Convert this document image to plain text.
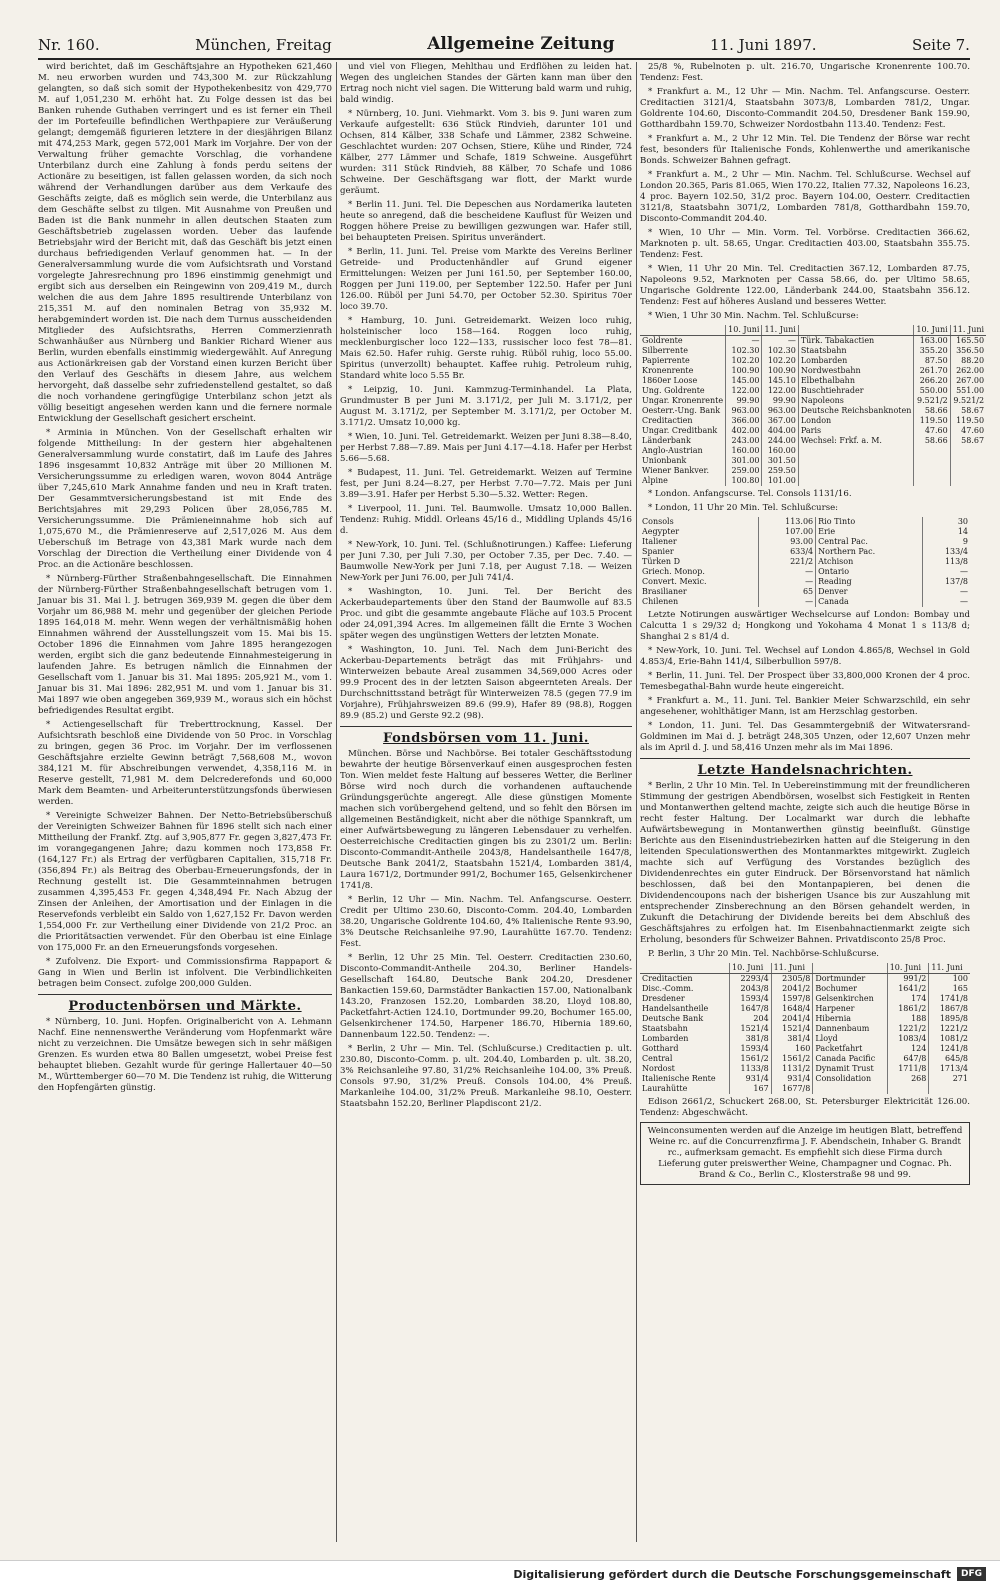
Nr. 160.	München, Freitag	Allgemeine Zeitung	11. Juni 1897.	Seite 7.

wird berichtet, daß im Geschäftsjahre an Hypotheken 621,460 M. neu erworben wurden und 743,300 M. zur Rückzahlung gelangten, so daß sich somit der Hypothekenbesitz von 429,770 M. auf 1,051,230 M. erhöht hat. Zu Folge dessen ist das bei Banken ruhende Guthaben verringert und es ist ferner ein Theil der im Portefeuille befindlichen Werthpapiere zur Veräußerung gelangt; demgemäß figurieren letztere in der diesjährigen Bilanz mit 474,253 Mark, gegen 572,001 Mark im Vorjahre. Der von der Verwaltung früher gemachte Vorschlag, die vorhandene Unterbilanz durch eine Zahlung à fonds perdu seitens der Actionäre zu beseitigen, ist fallen gelassen worden, da sich noch während der Verhandlungen darüber aus dem Verkaufe des Geschäfts zeigte, daß es möglich sein werde, die Unterbilanz aus dem Geschäfte selbst zu tilgen. Mit Ausnahme von Preußen und Baden ist die Bank nunmehr in allen deutschen Staaten zum Geschäftsbetrieb zugelassen worden. Ueber das laufende Betriebsjahr wird der Bericht mit, daß das Geschäft bis jetzt einen durchaus befriedigenden Verlauf genommen hat. — In der Generalversammlung wurde die vom Aufsichtsrath und Vorstand vorgelegte Jahresrechnung pro 1896 einstimmig genehmigt und ergibt sich aus derselben ein Reingewinn von 209,419 M., durch welchen die aus dem Jahre 1895 resultirende Unterbilanz von 215,351 M. auf den nominalen Betrag von 35,932 M. herabgemindert worden ist. Die nach dem Turnus ausscheidenden Mitglieder des Aufsichtsraths, Herren Commerzienrath Schwanhäußer aus Nürnberg und Bankier Richard Wiener aus Berlin, wurden ebenfalls einstimmig wiedergewählt. Auf Anregung aus Actionärkreisen gab der Vorstand einen kurzen Bericht über den Verlauf des Geschäfts in diesem Jahre, aus welchem hervorgeht, daß dasselbe sehr zufriedenstellend gestaltet, so daß die noch vorhandene geringfügige Unterbilanz schon jetzt als völlig beseitigt angesehen werden kann und die fernere normale Entwicklung der Gesellschaft gesichert erscheint.

* Arminia in München. Von der Gesellschaft erhalten wir folgende Mittheilung: In der gestern hier abgehaltenen Generalversammlung wurde constatirt, daß im Laufe des Jahres 1896 insgesammt 10,832 Anträge mit über 20 Millionen M. Versicherungssumme zu erledigen waren, wovon 8044 Anträge über 7,245,610 Mark Annahme fanden und neu in Kraft traten. Der Gesammtversicherungsbestand ist mit Ende des Berichtsjahres mit 29,293 Policen über 28,056,785 M. Versicherungssumme. Die Prämieneinnahme hob sich auf 1,075,670 M., die Prämienreserve auf 2,517,026 M. Aus dem Ueberschuß im Betrage von 43,381 Mark wurde nach dem Vorschlag der Direction die Vertheilung einer Dividende von 4 Proc. an die Actionäre beschlossen.

* Nürnberg-Fürther Straßenbahngesellschaft. Die Einnahmen der Nürnberg-Fürther Straßenbahngesellschaft betrugen vom 1. Januar bis 31. Mai l. J. betrugen 369,939 M. gegen die über dem Vorjahr um 86,988 M. mehr und gegenüber der gleichen Periode 1895 164,018 M. mehr. Wenn wegen der verhältnismäßig hohen Einnahmen während der Ausstellungszeit vom 15. Mai bis 15. October 1896 die Einnahmen vom Jahre 1895 herangezogen werden, ergibt sich die ganz bedeutende Einnahmesteigerung in laufenden Jahre. Es betrugen nämlich die Einnahmen der Gesellschaft vom 1. Januar bis 31. Mai 1895: 205,921 M., vom 1. Januar bis 31. Mai 1896: 282,951 M. und vom 1. Januar bis 31. Mai 1897 wie oben angegeben 369,939 M., woraus sich ein höchst befriedigendes Resultat ergibt.

* Actiengesellschaft für Treberttrocknung, Kassel. Der Aufsichtsrath beschloß eine Dividende von 50 Proc. in Vorschlag zu bringen, gegen 36 Proc. im Vorjahr. Der im verflossenen Geschäftsjahre erzielte Gewinn beträgt 7,568,608 M., wovon 384,121 M. für Abschreibungen verwendet, 4,358,116 M. in Reserve gestellt, 71,981 M. dem Delcrederefonds und 60,000 Mark dem Beamten- und Arbeiterunterstützungsfonds überwiesen werden.

* Vereinigte Schweizer Bahnen. Der Netto-Betriebsüberschuß der Vereinigten Schweizer Bahnen für 1896 stellt sich nach einer Mittheilung der Frankf. Ztg. auf 3,905,877 Fr. gegen 3,827,473 Fr. im vorangegangenen Jahre; dazu kommen noch 173,858 Fr. (164,127 Fr.) als Ertrag der verfügbaren Capitalien, 315,718 Fr. (356,894 Fr.) als Beitrag des Oberbau-Erneuerungsfonds, der in Rechnung gestellt ist. Die Gesammteinnahmen betrugen zusammen 4,395,453 Fr. gegen 4,348,494 Fr. Nach Abzug der Zinsen der Anleihen, der Amortisation und der Einlagen in die Reservefonds verbleibt ein Saldo von 1,627,152 Fr. Davon werden 1,554,000 Fr. zur Vertheilung einer Dividende von 21/2 Proc. an die Prioritätsactien verwendet. Für den Oberbau ist eine Einlage von 175,000 Fr. an den Erneuerungsfonds vorgesehen.

* Zufolvenz. Die Export- und Commissionsfirma Rappaport & Gang in Wien und Berlin ist infolvent. Die Verbindlichkeiten betragen beim Consect. zufolge 200,000 Gulden.

Productenbörsen und Märkte.

* Nürnberg, 10. Juni. Hopfen. Originalbericht von A. Lehmann Nachf. Eine nennenswerthe Veränderung vom Hopfenmarkt wäre nicht zu verzeichnen. Die Umsätze bewegen sich in sehr mäßigen Grenzen. Es wurden etwa 80 Ballen umgesetzt, wobei Preise fest behauptet blieben. Gezahlt wurde für geringe Hallertauer 40—50 M., Württemberger 60—70 M. Die Tendenz ist ruhig, die Witterung den Hopfengärten günstig.

und viel von Fliegen, Mehlthau und Erdflöhen zu leiden hat. Wegen des ungleichen Standes der Gärten kann man über den Ertrag noch nicht viel sagen. Die Witterung bald warm und ruhig, bald windig.

* Nürnberg, 10. Juni. Viehmarkt. Vom 3. bis 9. Juni waren zum Verkaufe aufgestellt: 636 Stück Rindvieh, darunter 101 und Ochsen, 814 Kälber, 338 Schafe und Lämmer, 2382 Schweine. Geschlachtet wurden: 207 Ochsen, Stiere, Kühe und Rinder, 724 Kälber, 277 Lämmer und Schafe, 1819 Schweine. Ausgeführt wurden: 311 Stück Rindvieh, 88 Kälber, 70 Schafe und 1086 Schweine. Der Geschäftsgang war flott, der Markt wurde geräumt.

* Berlin 11. Juni. Tel. Die Depeschen aus Nordamerika lauteten heute so anregend, daß die bescheidene Kauflust für Weizen und Roggen höhere Preise zu bewilligen gezwungen war. Hafer still, bei behaupteten Preisen. Spiritus unverändert.

* Berlin, 11. Juni. Tel. Preise vom Markte des Vereins Berliner Getreide- und Productenhändler auf Grund eigener Ermittelungen: Weizen per Juni 161.50, per September 160.00, Roggen per Juni 119.00, per September 122.50. Hafer per Juni 126.00. Rüböl per Juni 54.70, per October 52.30. Spiritus 70er loco 39.70.

* Hamburg, 10. Juni. Getreidemarkt. Weizen loco ruhig, holsteinischer loco 158—164. Roggen loco ruhig, mecklenburgischer loco 122—133, russischer loco fest 78—81. Mais 62.50. Hafer ruhig. Gerste ruhig. Rüböl ruhig, loco 55.00. Spiritus (unverzollt) behauptet. Kaffee ruhig. Petroleum ruhig, Standard white loco 5.55 Br.

* Leipzig, 10. Juni. Kammzug-Terminhandel. La Plata, Grundmuster B per Juni M. 3.171/2, per Juli M. 3.171/2, per August M. 3.171/2, per September M. 3.171/2, per October M. 3.171/2. Umsatz 10,000 kg.

* Wien, 10. Juni. Tel. Getreidemarkt. Weizen per Juni 8.38—8.40, per Herbst 7.88—7.89. Mais per Juni 4.17—4.18. Hafer per Herbst 5.66—5.68.

* Budapest, 11. Juni. Tel. Getreidemarkt. Weizen auf Termine fest, per Juni 8.24—8.27, per Herbst 7.70—7.72. Mais per Juni 3.89—3.91. Hafer per Herbst 5.30—5.32. Wetter: Regen.

* Liverpool, 11. Juni. Tel. Baumwolle. Umsatz 10,000 Ballen. Tendenz: Ruhig. Middl. Orleans 45/16 d., Middling Uplands 45/16 d.

* New-York, 10. Juni. Tel. (Schlußnotirungen.) Kaffee: Lieferung per Juni 7.30, per Juli 7.30, per October 7.35, per Dec. 7.40. — Baumwolle New-York per Juni 7.18, per August 7.18. — Weizen New-York per Juni 76.00, per Juli 741/4.

* Washington, 10. Juni. Tel. Der Bericht des Ackerbaudepartements über den Stand der Baumwolle auf 83.5 Proc. und gibt die gesammte angebaute Fläche auf 103.5 Procent oder 24,091,394 Acres. Im allgemeinen fällt die Ernte 3 Wochen später wegen des ungünstigen Wetters der letzten Monate.

* Washington, 10. Juni. Tel. Nach dem Juni-Bericht des Ackerbau-Departements beträgt das mit Frühjahrs- und Winterweizen bebaute Areal zusammen 34,569,000 Acres oder 99.9 Procent des in der letzten Saison abgeernteten Areals. Der Durchschnittsstand beträgt für Winterweizen 78.5 (gegen 77.9 im Vorjahre), Frühjahrsweizen 89.6 (99.9), Hafer 89 (98.8), Roggen 89.9 (85.2) und Gerste 92.2 (98).

Fondsbörsen vom 11. Juni.

München. Börse und Nachbörse. Bei totaler Geschäftsstodung bewahrte der heutige Börsenverkauf einen ausgesprochen festen Ton. Wien meldet feste Haltung auf besseres Wetter, die Berliner Börse wird noch durch die vorhandenen auftauchende Gründungsgerüchte angeregt. Alle diese günstigen Momente machen sich vorübergehend geltend, und so fehlt den Börsen im allgemeinen Beständigkeit, nicht aber die nöthige Spannkraft, um einer Aufwärtsbewegung zu längeren Lebensdauer zu verhelfen. Oesterreichische Creditactien gingen bis zu 2301/2 um. Berlin: Disconto-Commandit-Antheile 2043/8, Handelsantheile 1647/8, Deutsche Bank 2041/2, Staatsbahn 1521/4, Lombarden 381/4, Laura 1671/2, Dortmunder 991/2, Bochumer 165, Gelsenkirchener 1741/8.

* Berlin, 12 Uhr — Min. Nachm. Tel. Anfangscurse. Oesterr. Credit per Ultimo 230.60, Disconto-Comm. 204.40, Lombarden 38.20, Ungarische Goldrente 104.60, 4% Italienische Rente 93.90, 3% Deutsche Reichsanleihe 97.90, Laurahütte 167.70. Tendenz: Fest.

* Berlin, 12 Uhr 25 Min. Tel. Oesterr. Creditactien 230.60, Disconto-Commandit-Antheile 204.30, Berliner Handels-Gesellschaft 164.80, Deutsche Bank 204.20, Dresdener Bankactien 159.60, Darmstädter Bankactien 157.00, Nationalbank 143.20, Franzosen 152.20, Lombarden 38.20, Lloyd 108.80, Packetfahrt-Actien 124.10, Dortmunder 99.20, Bochumer 165.00, Gelsenkirchener 174.50, Harpener 186.70, Hibernia 189.60, Dannenbaum 122.50. Tendenz: —.

* Berlin, 2 Uhr — Min. Tel. (Schlußcurse.) Creditactien p. ult. 230.80, Disconto-Comm. p. ult. 204.40, Lombarden p. ult. 38.20, 3% Reichsanleihe 97.80, 31/2% Reichsanleihe 104.00, 3% Preuß. Consols 97.90, 31/2% Preuß. Consols 104.00, 4% Preuß. Markanleihe 104.00, 31/2% Preuß. Markanleihe 98.10, Oesterr. Staatsbahn 152.20, Berliner Plapdiscont 21/2.

25/8 %, Rubelnoten p. ult. 216.70, Ungarische Kronenrente 100.70. Tendenz: Fest.

* Frankfurt a. M., 12 Uhr — Min. Nachm. Tel. Anfangscurse. Oesterr. Creditactien 3121/4, Staatsbahn 3073/8, Lombarden 781/2, Ungar. Goldrente 104.60, Disconto-Commandit 204.50, Dresdener Bank 159.90, Gotthardbahn 159.70, Schweizer Nordostbahn 113.40. Tendenz: Fest.

* Frankfurt a. M., 2 Uhr 12 Min. Tel. Die Tendenz der Börse war recht fest, besonders für Italienische Fonds, Kohlenwerthe und amerikanische Bonds. Schweizer Bahnen gefragt.

* Frankfurt a. M., 2 Uhr — Min. Nachm. Tel. Schlußcurse. Wechsel auf London 20.365, Paris 81.065, Wien 170.22, Italien 77.32, Napoleons 16.23, 4 proc. Bayern 102.50, 31/2 proc. Bayern 104.00, Oesterr. Creditactien 3121/8, Staatsbahn 3071/2, Lombarden 781/8, Gotthardbahn 159.70, Disconto-Commandit 204.40.

* Wien, 10 Uhr — Min. Vorm. Tel. Vorbörse. Creditactien 366.62, Marknoten p. ult. 58.65, Ungar. Creditactien 403.00, Staatsbahn 355.75. Tendenz: Fest.

* Wien, 11 Uhr 20 Min. Tel. Creditactien 367.12, Lombarden 87.75, Napoleons 9.52, Marknoten per Cassa 58.66, do. per Ultimo 58.65, Ungarische Goldrente 122.00, Länderbank 244.00, Staatsbahn 356.12. Tendenz: Fest auf höheres Ausland und besseres Wetter.

* Wien, 1 Uhr 30 Min. Nachm. Tel. Schlußcurse:

	10. Juni	11. Juni		10. Juni	11. Juni
Goldrente	—	—	Türk. Tabakactien	163.00	165.50
Silberrente	102.30	102.30	Staatsbahn	355.20	356.50
Papierrente	102.20	102.20	Lombarden	87.50	88.20
Kronenrente	100.90	100.90	Nordwestbahn	261.70	262.00
1860er Loose	145.00	145.10	Elbethalbahn	266.20	267.00
Ung. Goldrente	122.00	122.00	Buschtiehrader	550.00	551.00
Ungar. Kronenrente	99.90	99.90	Napoleons	9.521/2	9.521/2
Oesterr.-Ung. Bank	963.00	963.00	Deutsche Reichsbanknoten	58.66	58.67
Creditactien	366.00	367.00	London	119.50	119.50
Ungar. Creditbank	402.00	404.00	Paris	47.60	47.60
Länderbank	243.00	244.00	Wechsel: Frkf. a. M.	58.66	58.67
Anglo-Austrian	160.00	160.00			
Unionbank	301.00	301.50			
Wiener Bankver.	259.00	259.50			
Alpine	100.80	101.00			

* London. Anfangscurse. Tel. Consols 1131/16.

* London, 11 Uhr 20 Min. Tel. Schlußcurse:

Consols	113.06	Rio Tinto	30
Aegypter	107.00	Erie	14
Italiener	93.00	Central Pac.	9
Spanier	633/4	Northern Pac.	133/4
Türken D	221/2	Atchison	113/8
Griech. Monop.	—	Ontario	—
Convert. Mexic.	—	Reading	137/8
Brasilianer	65	Denver	—
Chilenen	—	Canada	—

Letzte Notirungen auswärtiger Wechselcurse auf London: Bombay und Calcutta 1 s 29/32 d; Hongkong und Yokohama 4 Monat 1 s 113/8 d; Shanghai 2 s 81/4 d.

* New-York, 10. Juni. Tel. Wechsel auf London 4.865/8, Wechsel in Gold 4.853/4, Erie-Bahn 141/4, Silberbullion 597/8.

* Berlin, 11. Juni. Tel. Der Prospect über 33,800,000 Kronen der 4 proc. Temesbegathal-Bahn wurde heute eingereicht.

* Frankfurt a. M., 11. Juni. Tel. Bankier Meier Schwarzschild, ein sehr angesehener, wohlthätiger Mann, ist am Herzschlag gestorben.

* London, 11. Juni. Tel. Das Gesammtergebniß der Witwatersrand-Goldminen im Mai d. J. beträgt 248,305 Unzen, oder 12,607 Unzen mehr als im April d. J. und 58,416 Unzen mehr als im Mai 1896.

Letzte Handelsnachrichten.

* Berlin, 2 Uhr 10 Min. Tel. In Uebereinstimmung mit der freundlicheren Stimmung der gestrigen Abendbörsen, woselbst sich Festigkeit in Renten und Montanwerthen geltend machte, zeigte sich auch die heutige Börse in recht fester Haltung. Der Localmarkt war durch die lebhafte Aufwärtsbewegung in Montanwerthen günstig beeinflußt. Günstige Berichte aus den Eisenindustriebezirken hatten auf die Steigerung in den leitenden Speculationswerthen des Montanmarktes mitgewirkt. Zugleich machte sich auf Verfügung des Vorstandes bezüglich des Dividendenrechtes ein guter Eindruck. Der Börsenvorstand hat nämlich beschlossen, daß bei den Montanpapieren, bei denen die Dividendencoupons nach der bisherigen Usance bis zur Auszahlung mit entsprechender Zinsberechnung an den Börsen gehandelt werden, in Zukunft die Detachirung der Dividende bereits bei dem Abschluß des Geschäftsjahres zu erfolgen hat. Im Eisenbahnactienmarkt zeigte sich Erholung, besonders für Schweizer Bahnen. Privatdisconto 25/8 Proc.

P. Berlin, 3 Uhr 20 Min. Tel. Nachbörse-Schlußcurse.

	10. Juni	11. Juni		10. Juni	11. Juni
Creditactien	2293/4	2305/8	Dortmunder	991/2	100
Disc.-Comm.	2043/8	2041/2	Bochumer	1641/2	165
Dresdener	1593/4	1597/8	Gelsenkirchen	174	1741/8
Handelsantheile	1647/8	1648/4	Harpener	1861/2	1867/8
Deutsche Bank	204	2041/4	Hibernia	188	1895/8
Staatsbahn	1521/4	1521/4	Dannenbaum	1221/2	1221/2
Lombarden	381/8	381/4	Lloyd	1083/4	1081/2
Gotthard	1593/4	160	Packetfahrt	124	1241/8
Central	1561/2	1561/2	Canada Pacific	647/8	645/8
Nordost	1133/8	1131/2	Dynamit Trust	1711/8	1713/4
Italienische Rente	931/4	931/4	Consolidation	268	271
Laurahütte	167	1677/8			

Edison 2661/2, Schuckert 268.00, St. Petersburger Elektricität 126.00. Tendenz: Abgeschwächt.

Weinconsumenten werden auf die Anzeige im heutigen Blatt, betreffend Weine rc. auf die Concurrenzfirma J. F. Abendschein, Inhaber G. Brandt rc., aufmerksam gemacht. Es empfiehlt sich diese Firma durch Lieferung guter preiswerther Weine, Champagner und Cognac. Ph. Brand & Co., Berlin C., Klosterstraße 98 und 99.
Digitalisierung gefördert durch die Deutsche Forschungsgemeinschaft	DFG
